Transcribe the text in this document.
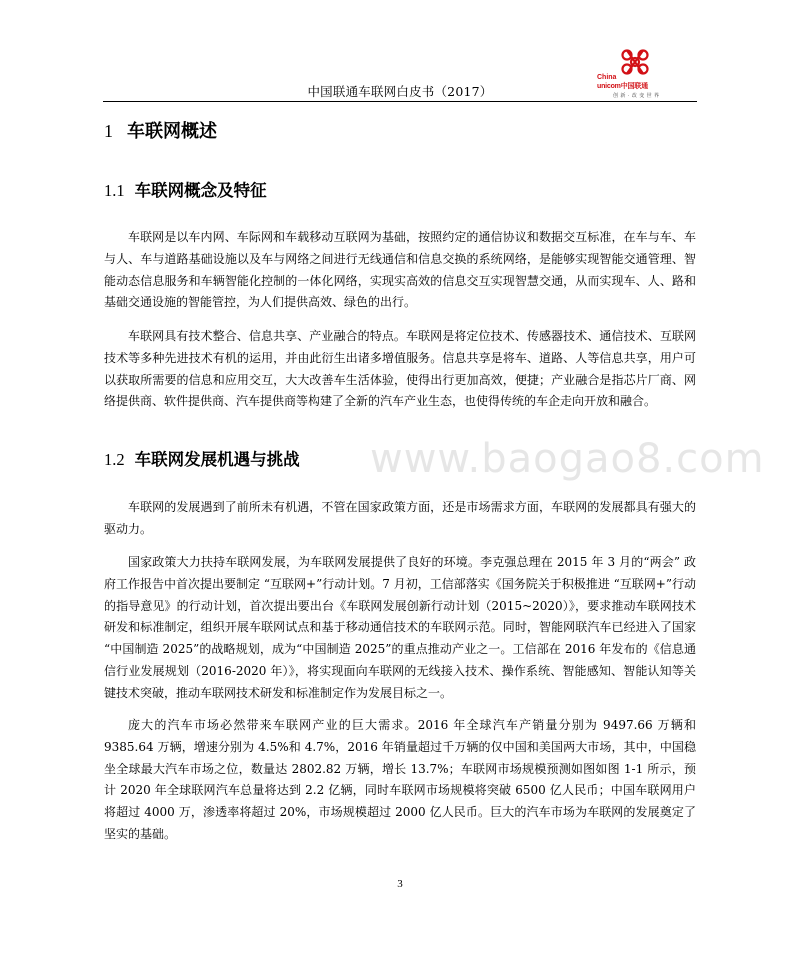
China
unicom中国联通
创 新 · 改 变 世 界
中国联通车联网白皮书（2017）
www.baogao8.com
1 车联网概述
1.1 车联网概念及特征

车联网是以车内网、车际网和车载移动互联网为基础，按照约定的通信协议和数据交互标准，在车与车、车与人、车与道路基础设施以及车与网络之间进行无线通信和信息交换的系统网络，是能够实现智能交通管理、智能动态信息服务和车辆智能化控制的一体化网络，实现实高效的信息交互实现智慧交通，从而实现车、人、路和基础交通设施的智能管控，为人们提供高效、绿色的出行。

车联网具有技术整合、信息共享、产业融合的特点。车联网是将定位技术、传感器技术、通信技术、互联网技术等多种先进技术有机的运用，并由此衍生出诸多增值服务。信息共享是将车、道路、人等信息共享，用户可以获取所需要的信息和应用交互，大大改善车生活体验，使得出行更加高效，便捷；产业融合是指芯片厂商、网络提供商、软件提供商、汽车提供商等构建了全新的汽车产业生态，也使得传统的车企走向开放和融合。

1.2 车联网发展机遇与挑战

车联网的发展遇到了前所未有机遇，不管在国家政策方面，还是市场需求方面，车联网的发展都具有强大的驱动力。

国家政策大力扶持车联网发展，为车联网发展提供了良好的环境。李克强总理在 2015 年 3 月的“两会” 政府工作报告中首次提出要制定 “互联网+”行动计划。7 月初，工信部落实《国务院关于积极推进 “互联网+”行动的指导意见》的行动计划，首次提出要出台《车联网发展创新行动计划（2015~2020）》，要求推动车联网技术研发和标准制定，组织开展车联网试点和基于移动通信技术的车联网示范。同时，智能网联汽车已经进入了国家 “中国制造 2025”的战略规划，成为“中国制造 2025”的重点推动产业之一。工信部在 2016 年发布的《信息通信行业发展规划（2016-2020 年）》，将实现面向车联网的无线接入技术、操作系统、智能感知、智能认知等关键技术突破，推动车联网技术研发和标准制定作为发展目标之一。

庞大的汽车市场必然带来车联网产业的巨大需求。2016 年全球汽车产销量分别为 9497.66 万辆和 9385.64 万辆，增速分别为 4.5%和 4.7%，2016 年销量超过千万辆的仅中国和美国两大市场，其中，中国稳坐全球最大汽车市场之位，数量达 2802.82 万辆，增长 13.7%；车联网市场规模预测如图如图 1-1 所示，预计 2020 年全球联网汽车总量将达到 2.2 亿辆，同时车联网市场规模将突破 6500 亿人民币；中国车联网用户将超过 4000 万，渗透率将超过 20%，市场规模超过 2000 亿人民币。巨大的汽车市场为车联网的发展奠定了坚实的基础。

3
